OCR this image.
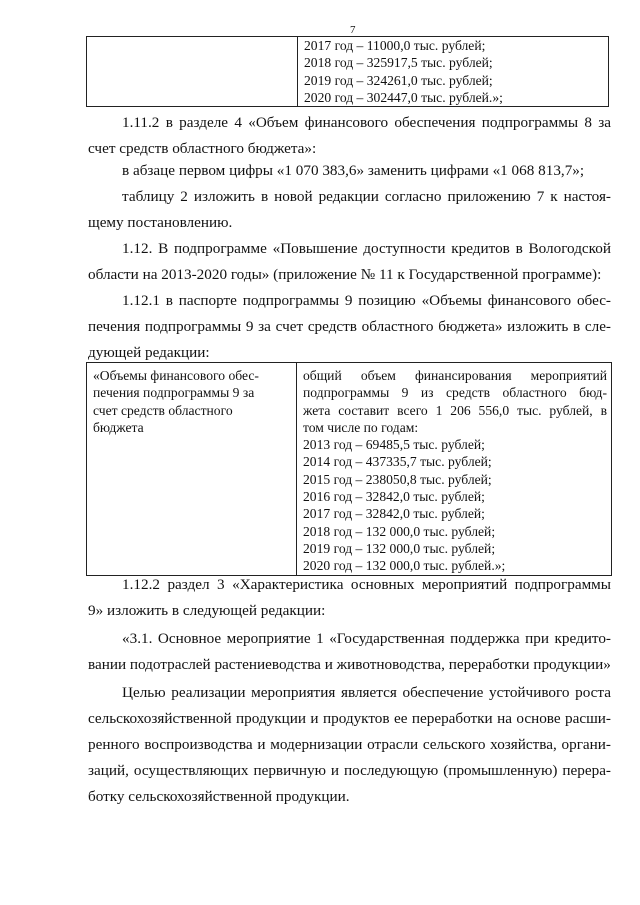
7

2017 год – 11000,0 тыс. рублей;
2018 год – 325917,5 тыс. рублей;
2019 год – 324261,0 тыс. рублей;
2020 год – 302447,0 тыс. рублей.»;

1.11.2 в разделе 4 «Объем финансового обеспечения подпрограммы 8 за
счет средств областного бюджета»:

в абзаце первом цифры «1 070 383,6» заменить цифрами «1 068 813,7»;

таблицу 2 изложить в новой редакции согласно приложению 7 к настоя-
щему постановлению.

1.12. В подпрограмме «Повышение доступности кредитов в Вологодской
области на 2013-2020 годы» (приложение № 11 к Государственной программе):

1.12.1 в паспорте подпрограммы 9 позицию «Объемы финансового обес-
печения подпрограммы 9 за счет средств областного бюджета» изложить в сле-
дующей редакции:

«Объемы финансового обес-
печения подпрограммы 9 за
счет средств областного
бюджета

общий объем финансирования мероприятий
подпрограммы 9 из средств областного бюд-
жета составит всего 1 206 556,0 тыс. рублей, в
том числе по годам:
2013 год – 69485,5 тыс. рублей;
2014 год – 437335,7 тыс. рублей;
2015 год – 238050,8 тыс. рублей;
2016 год – 32842,0 тыс. рублей;
2017 год – 32842,0 тыс. рублей;
2018 год – 132 000,0 тыс. рублей;
2019 год – 132 000,0 тыс. рублей;
2020 год – 132 000,0 тыс. рублей.»;

1.12.2 раздел 3 «Характеристика основных мероприятий подпрограммы
9» изложить в следующей редакции:

«3.1. Основное мероприятие 1 «Государственная поддержка при кредито-
вании подотраслей растениеводства и животноводства, переработки продукции»

Целью реализации мероприятия является обеспечение устойчивого роста
сельскохозяйственной продукции и продуктов ее переработки на основе расши-
ренного воспроизводства и модернизации отрасли сельского хозяйства, органи-
заций, осуществляющих первичную и последующую (промышленную) перера-
ботку сельскохозяйственной продукции.
